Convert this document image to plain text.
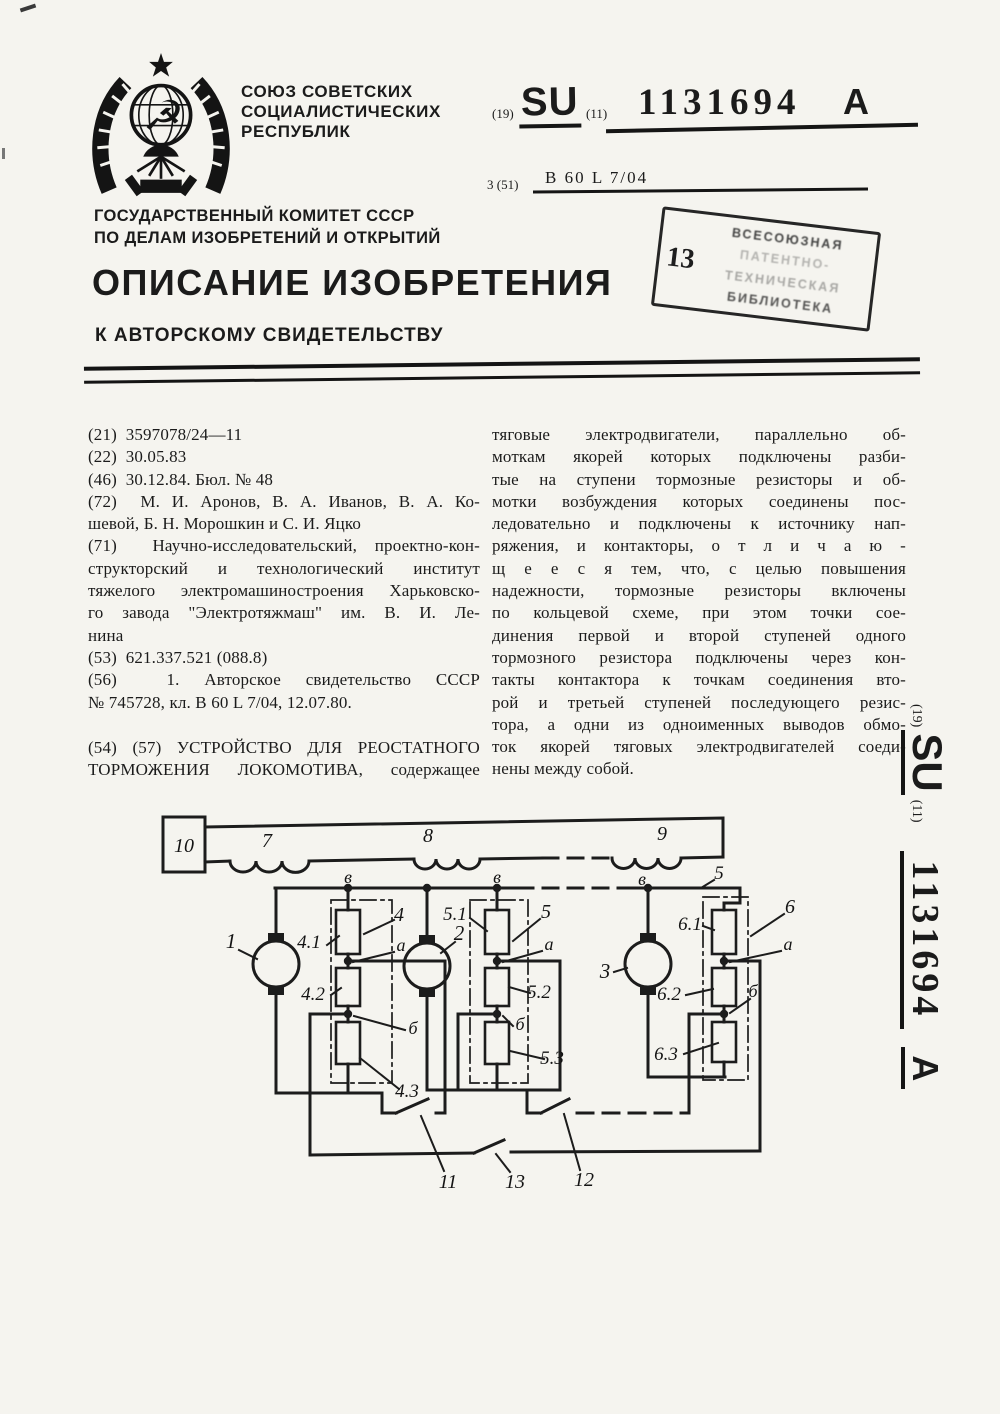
☭
СОЮЗ СОВЕТСКИХ
СОЦИАЛИСТИЧЕСКИХ
РЕСПУБЛИК
(19) SU (11) 1131694 A
3 (51) B 60 L 7/04
ГОСУДАРСТВЕННЫЙ КОМИТЕТ СССР
ПО ДЕЛАМ ИЗОБРЕТЕНИЙ И ОТКРЫТИЙ
ОПИСАНИЕ ИЗОБРЕТЕНИЯ
К АВТОРСКОМУ СВИДЕТЕЛЬСТВУ
13
ВСЕСОЮЗНАЯ
ПАТЕНТНО-
ТЕХНИЧЕСКАЯ
БИБЛИОТЕКА
(21)  3597078/24—11
(22)  30.05.83
(46)  30.12.84. Бюл. № 48
(72)  М. И. Аронов, В. А. Иванов, В. А. Ко-
шевой, Б. Н. Морошкин и С. И. Яцко
(71)  Научно-исследовательский, проектно-кон-
структорский и технологический институт
тяжелого электромашиностроения Харьковско-
го завода "Электротяжмаш" им. В. И. Ле-
нина
(53)  621.337.521 (088.8)
(56)  1. Авторское свидетельство СССР
№ 745728, кл. В 60 L 7/04, 12.07.80.
(54) (57) УСТРОЙСТВО ДЛЯ РЕОСТАТНОГО
ТОРМОЖЕНИЯ ЛОКОМОТИВА, содержащее
тяговые электродвигатели, параллельно об-
моткам якорей которых подключены разби-
тые на ступени тормозные резисторы и об-
мотки возбуждения которых соединены пос-
ледовательно и подключены к источнику нап-
ряжения, и контакторы, о т л и ч а ю -
щ е е с я тем, что, с целью повышения
надежности, тормозные резисторы включены
по кольцевой схеме, при этом точки сое-
динения первой и второй ступеней одного
тормозного резистора подключены через кон-
такты контактора к точкам соединения вто-
рой и третьей ступеней последующего резис-
тора, а одни из одноименных выводов обмо-
ток якорей тяговых электродвигателей соеди-
нены между собой.
(19)
SU
(11)
1131694
A
10	7	8	9
1	2
3
5
в	в	в
4
4.1	а
4.2
б
4.3
5.1	5
а
5.2
б
5.3
6.1
6
а
6.2	б
6.3
11	12
13
